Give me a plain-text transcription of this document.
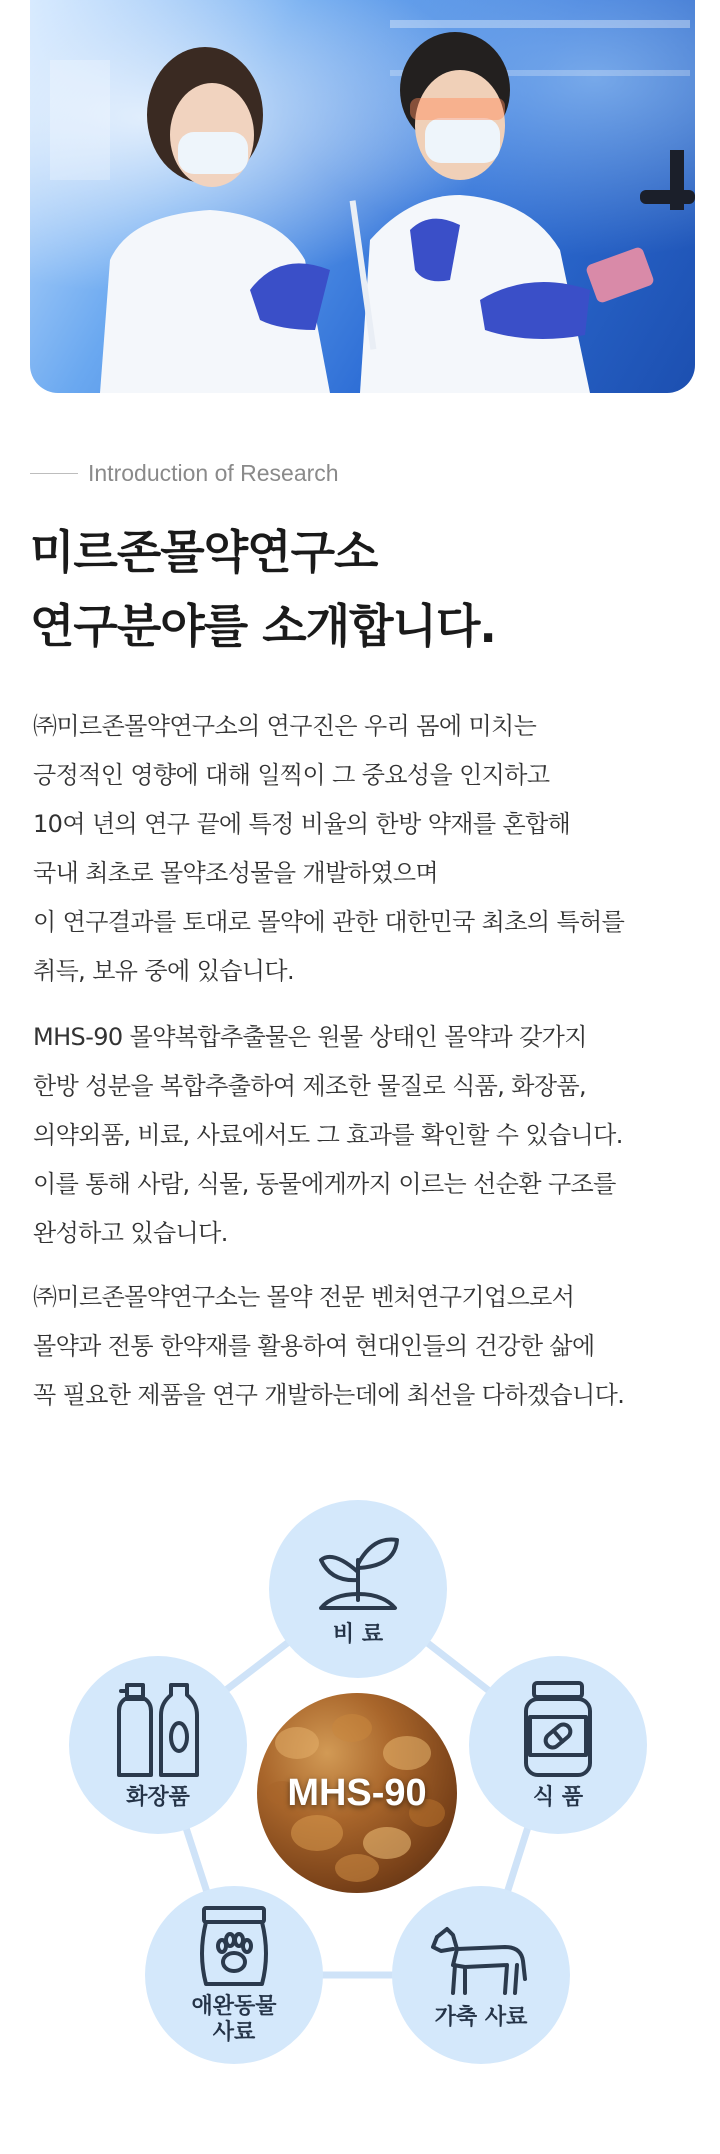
Introduction of Research
미르존몰약연구소
연구분야를 소개합니다.
㈜미르존몰약연구소의 연구진은 우리 몸에 미치는
긍정적인 영향에 대해 일찍이 그 중요성을 인지하고
10여 년의 연구 끝에 특정 비율의 한방 약재를 혼합해
국내 최초로 몰약조성물을 개발하였으며
이 연구결과를 토대로 몰약에 관한 대한민국 최초의 특허를
취득, 보유 중에 있습니다.
MHS-90 몰약복합추출물은 원물 상태인 몰약과 갖가지
한방 성분을 복합추출하여 제조한 물질로 식품, 화장품,
의약외품, 비료, 사료에서도 그 효과를 확인할 수 있습니다.
이를 통해 사람, 식물, 동물에게까지 이르는 선순환 구조를
완성하고 있습니다.
㈜미르존몰약연구소는 몰약 전문 벤처연구기업으로서
몰약과 전통 한약재를 활용하여 현대인들의 건강한 삶에
꼭 필요한 제품을 연구 개발하는데에 최선을 다하겠습니다.
비 료
식 품
가축 사료
애완동물
사료
화장품	MHS-90
